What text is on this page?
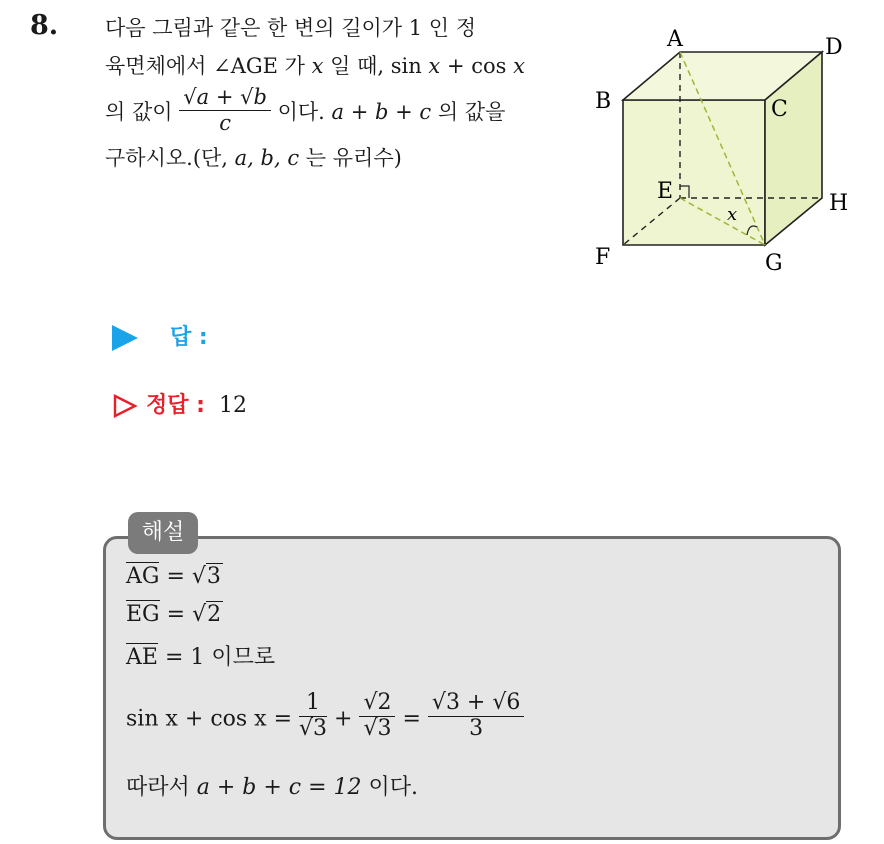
8. 다음 그림과 같은 한 변의 길이가 1 인 정
육면체에서 ∠AGE 가 x 일 때, sin x + cos x
의 값이 $\frac{√a + √b}{c}$ 이다. a + b + c 의 값을
구하시오.(단, a, b, c 는 유리수)
A	D
B	C
E	H
F	G
x
답 :
정답 : 12
해설
AG = √3
EG = √2
AE = 1 이므로
$\sin x + \cos x = \frac{1}{√3} + \frac{√2}{√3} = \frac{√3 + √6}{3}$
따라서 a + b + c = 12 이다.
